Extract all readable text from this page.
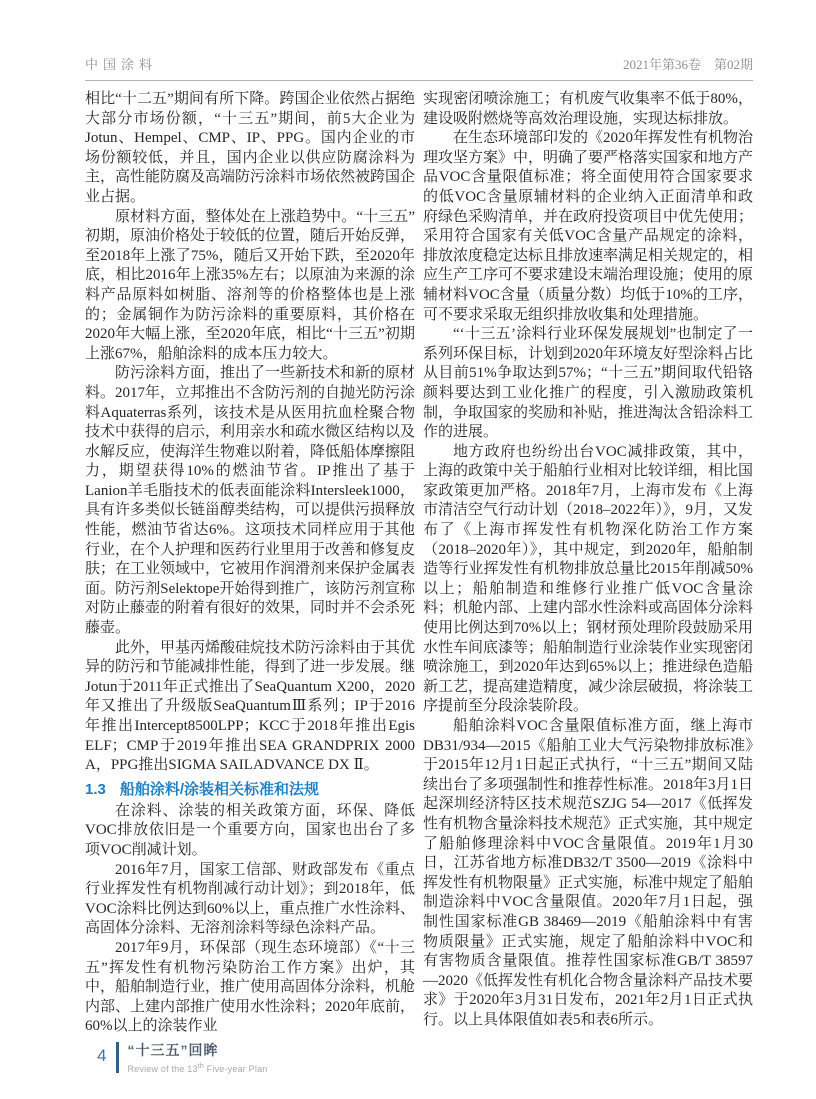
中国涂料	2021年第36卷　第02期

相比“十二五”期间有所下降。跨国企业依然占据绝大部分市场份额，“十三五”期间，前5大企业为Jotun、Hempel、CMP、IP、PPG。国内企业的市场份额较低，并且，国内企业以供应防腐涂料为主，高性能防腐及高端防污涂料市场依然被跨国企业占据。

原材料方面，整体处在上涨趋势中。“十三五”初期，原油价格处于较低的位置，随后开始反弹，至2018年上涨了75%，随后又开始下跌，至2020年底，相比2016年上涨35%左右；以原油为来源的涂料产品原料如树脂、溶剂等的价格整体也是上涨的；金属铜作为防污涂料的重要原料，其价格在2020年大幅上涨，至2020年底，相比“十三五”初期上涨67%，船舶涂料的成本压力较大。

防污涂料方面，推出了一些新技术和新的原材料。2017年，立邦推出不含防污剂的自抛光防污涂料Aquaterras系列，该技术是从医用抗血栓聚合物技术中获得的启示，利用亲水和疏水微区结构以及水解反应，使海洋生物难以附着，降低船体摩擦阻力，期望获得10%的燃油节省。IP推出了基于Lanion羊毛脂技术的低表面能涂料Intersleek1000，具有许多类似长链甾醇类结构，可以提供污损释放性能，燃油节省达6%。这项技术同样应用于其他行业，在个人护理和医药行业里用于改善和修复皮肤；在工业领域中，它被用作润滑剂来保护金属表面。防污剂Selektope开始得到推广，该防污剂宣称对防止藤壶的附着有很好的效果，同时并不会杀死藤壶。

此外，甲基丙烯酸硅烷技术防污涂料由于其优异的防污和节能减排性能，得到了进一步发展。继Jotun于2011年正式推出了SeaQuantum X200，2020年又推出了升级版SeaQuantumⅢ系列；IP于2016年推出Intercept8500LPP；KCC于2018年推出Egis ELF；CMP于2019年推出SEA GRANDPRIX 2000 A，PPG推出SIGMA SAILADVANCE DX Ⅱ。

1.3 船舶涂料/涂装相关标准和法规

在涂料、涂装的相关政策方面，环保、降低VOC排放依旧是一个重要方向，国家也出台了多项VOC削减计划。

2016年7月，国家工信部、财政部发布《重点行业挥发性有机物削减行动计划》；到2018年，低VOC涂料比例达到60%以上，重点推广水性涂料、高固体分涂料、无溶剂涂料等绿色涂料产品。

2017年9月，环保部（现生态环境部）《“十三五”挥发性有机物污染防治工作方案》出炉，其中，船舶制造行业，推广使用高固体分涂料，机舱内部、上建内部推广使用水性涂料；2020年底前，60%以上的涂装作业

实现密闭喷涂施工；有机废气收集率不低于80%，建设吸附燃烧等高效治理设施，实现达标排放。

在生态环境部印发的《2020年挥发性有机物治理攻坚方案》中，明确了要严格落实国家和地方产品VOC含量限值标准；将全面使用符合国家要求的低VOC含量原辅材料的企业纳入正面清单和政府绿色采购清单，并在政府投资项目中优先使用；采用符合国家有关低VOC含量产品规定的涂料，排放浓度稳定达标且排放速率满足相关规定的，相应生产工序可不要求建设末端治理设施；使用的原辅材料VOC含量（质量分数）均低于10%的工序，可不要求采取无组织排放收集和处理措施。

“‘十三五’涂料行业环保发展规划”也制定了一系列环保目标，计划到2020年环境友好型涂料占比从目前51%争取达到57%；“十三五”期间取代铅铬颜料要达到工业化推广的程度，引入激励政策机制，争取国家的奖励和补贴，推进淘汰含铅涂料工作的进展。

地方政府也纷纷出台VOC减排政策，其中，上海的政策中关于船舶行业相对比较详细，相比国家政策更加严格。2018年7月，上海市发布《上海市清洁空气行动计划（2018–2022年）》，9月，又发布了《上海市挥发性有机物深化防治工作方案（2018–2020年）》，其中规定，到2020年，船舶制造等行业挥发性有机物排放总量比2015年削减50%以上；船舶制造和维修行业推广低VOC含量涂料；机舱内部、上建内部水性涂料或高固体分涂料使用比例达到70%以上；钢材预处理阶段鼓励采用水性车间底漆等；船舶制造行业涂装作业实现密闭喷涂施工，到2020年达到65%以上；推进绿色造船新工艺，提高建造精度，减少涂层破损，将涂装工序提前至分段涂装阶段。

船舶涂料VOC含量限值标准方面，继上海市DB31/934—2015《船舶工业大气污染物排放标准》于2015年12月1日起正式执行，“十三五”期间又陆续出台了多项强制性和推荐性标准。2018年3月1日起深圳经济特区技术规范SZJG 54—2017《低挥发性有机物含量涂料技术规范》正式实施，其中规定了船舶修理涂料中VOC含量限值。2019年1月30日，江苏省地方标准DB32/T 3500—2019《涂料中挥发性有机物限量》正式实施，标准中规定了船舶制造涂料中VOC含量限值。2020年7月1日起，强制性国家标准GB 38469—2019《船舶涂料中有害物质限量》正式实施，规定了船舶涂料中VOC和有害物质含量限值。推荐性国家标准GB/T 38597—2020《低挥发性有机化合物含量涂料产品技术要求》于2020年3月31日发布，2021年2月1日正式执行。以上具体限值如表5和表6所示。

4 “十三五”回眸
Review of the 13th Five-year Plan
